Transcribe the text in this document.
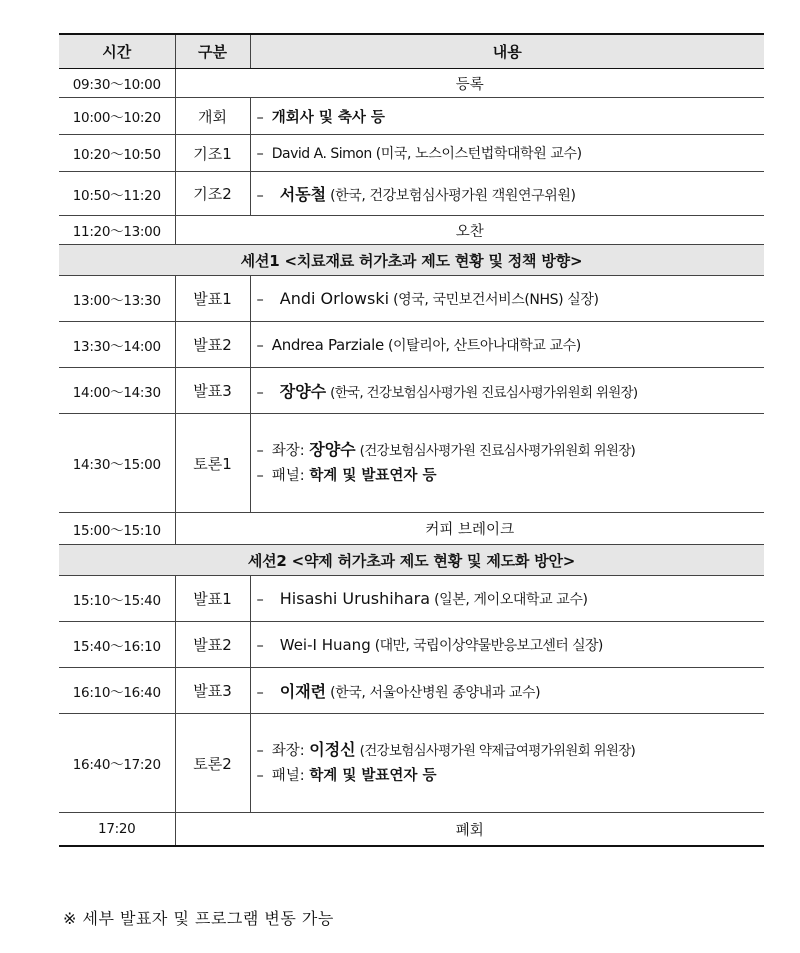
시간	구분	내용
09:30～10:00	등록	
10:00～10:20	개회	– 개회사 및 축사 등
10:20～10:50	기조1	– David A. Simon (미국, 노스이스턴법학대학원 교수)
10:50～11:20	기조2	– 서동철 (한국, 건강보험심사평가원 객원연구위원)
11:20～13:00	오찬	
세션1 <치료재료 허가초과 제도 현황 및 정책 방향>		
13:00～13:30	발표1	– Andi Orlowski (영국, 국민보건서비스(NHS) 실장)
13:30～14:00	발표2	– Andrea Parziale (이탈리아, 산트아나대학교 교수)
14:00～14:30	발표3	– 장양수 (한국, 건강보험심사평가원 진료심사평가위원회 위원장)
14:30～15:00	토론1	– 좌장: 장양수 (건강보험심사평가원 진료심사평가위원회 위원장)
– 패널: 학계 및 발표연자 등

15:00～15:10	커피 브레이크	
세션2 <약제 허가초과 제도 현황 및 제도화 방안>		
15:10～15:40	발표1	– Hisashi Urushihara (일본, 게이오대학교 교수)
15:40～16:10	발표2	– Wei-I Huang (대만, 국립이상약물반응보고센터 실장)
16:10～16:40	발표3	– 이재련 (한국, 서울아산병원 종양내과 교수)
16:40～17:20	토론2	– 좌장: 이정신 (건강보험심사평가원 약제급여평가위원회 위원장)
– 패널: 학계 및 발표연자 등

17:20	폐회	
※ 세부 발표자 및 프로그램 변동 가능
